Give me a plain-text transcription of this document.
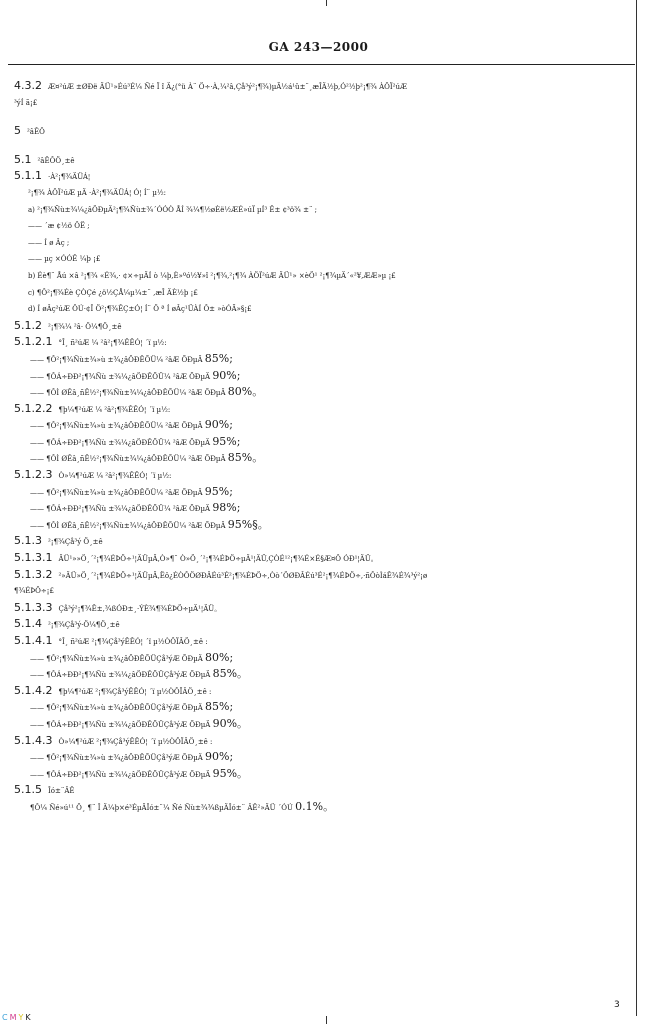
GA 243—2000
4.3.2 Æ¤²úÆ ±ØÐë ÄÜ¹»Éú³É¼ Ñé Ï î Ä¿(°ü À¨ Ö÷·À,¼²â,Çå³ý²¡¶¾)µÃ½á¹û±¨¸æÎÄ½þ,Ó²½þ²¡¶¾ ÀÖÏ²úÆ
³ýÍ ã¡£
5 ²âÊÔ
5.1 ²âÊÔÖ¸±ê
5.1.1 ·À²¡¶¾ÄÜÁ¦
²¡¶¾ ÀÖÏ²úÆ µÄ ·À²¡¶¾ÄÜÁ¦ Ó¦ Í¨ µ½:
a) ²¡¶¾Ñù±¾¼¿âÖÐµÄ²¡¶¾Ñù±¾´ÓÓÒ ÅÍ ¾¼¶½øÈë½ÆÉ»úÏ µÍ³ Ê± ¢³ö¾ ±¨ ;
—— ´æ ¢½ö ÔË ;
—— Í ø Âç ;
—— µç ×ÓÓÊ ¼þ ¡£
b) Éè¶¨ Åú ×â ²¡¶¾ «É¾,· ¢×÷µÄÍ ò ¼þ,È»ºó½¥»î ²¡¶¾,²¡¶¾ ÀÖÏ²úÆ ÄÜ¹» ×èÖ¹ ²¡¶¾µÄ´«²¥,ÆÆ»µ ¡£
c) ¶Ô²¡¶¾Éè ÇÒÇé ¿ö½ÇÅ¼µ¼±¨ ,æÎ ÄÈ½þ ¡£
d) Í øÂç²úÆ ÔÚ·¢Î Ö²¡¶¾ÊÇ±Ó¦ Í¨ Ö ª Í øÂç¹ÜÀÍ Ô± »òÓÃ»§¡£
5.1.2 ²¡¶¾¼ ²â· Ö¼¶Ö¸±ê
5.1.2.1 °Î¸ ñ²úÆ ¼ ²â²¡¶¾ÊÊÓ¦ ´ï µ½:
—— ¶Ô²¡¶¾Ñù±¾»ù ±¾¿âÖÐÊÕÜ¼ ²âÆ ÕÐµÄ 85%;
—— ¶ÔÁ÷ÐÐ²¡¶¾Ñù ±¾¼¿âÖÐÊÕÜ¼ ²âÆ ÕÐµÄ 90%;
—— ¶ÔÌ ØÊâ¸ñÊ½²¡¶¾Ñù±¾¼¿âÖÐÊÕÜ¼ ²âÆ ÕÐµÄ 80%。
5.1.2.2 ¶þ¼¶²úÆ ¼ ²â²¡¶¾ÊÊÓ¦ ´ï µ½:
—— ¶Ô²¡¶¾Ñù±¾»ù ±¾¿âÖÐÊÕÜ¼ ²âÆ ÕÐµÄ 90%;
—— ¶ÔÁ÷ÐÐ²¡¶¾Ñù ±¾¼¿âÖÐÊÕÜ¼ ²âÆ ÕÐµÄ 95%;
—— ¶ÔÌ ØÊâ¸ñÊ½²¡¶¾Ñù±¾¼¿âÖÐÊÕÜ¼ ²âÆ ÕÐµÄ 85%。
5.1.2.3 Ò»¼¶²úÆ ¼ ²â²¡¶¾ÊÊÓ¦ ´ï µ½:
—— ¶Ô²¡¶¾Ñù±¾»ù ±¾¿âÖÐÊÕÜ¼ ²âÆ ÕÐµÄ 95%;
—— ¶ÔÁ÷ÐÐ²¡¶¾Ñù ±¾¼¿âÖÐÊÕÜ¼ ²âÆ ÕÐµÄ 98%;
—— ¶ÔÌ ØÊâ¸ñÊ½²¡¶¾Ñù±¾¼¿âÖÐÊÕÜ¼ ²âÆ ÕÐµÄ 95%§。
5.1.3 ²¡¶¾Çå³ý Ö¸±ê
5.1.3.1 ÄÜ¹»»Ö¸´²¡¶¾ÉÞÖ÷¹¦ÄÜµÄ,Ò»¶¨ Ò»Ö¸´²¡¶¾ÉÞÖ÷µÄ¹¦ÄÜ,ÇÒÉ¹²¡¶¾É×É§Æ¤Ô ÓÐ¹¦ÄÜ。
5.1.3.2 ²»ÄÜ»Ö¸´²¡¶¾ÉÞÖ÷¹¦ÄÜµÄ,Ëô¿ÉÒÔÖØÐÂÉú³É²¡¶¾ÉÞÖ÷,Òò´ÖØÐÂÉú³É²¡¶¾ÉÞÖ÷,·ñÔòÌáÊ¾É¾³ý²¡ø
¶¾ÉÞÖ÷¡£
5.1.3.3 Çå³ý²¡¶¾Ê±,¾ßÓÐ±¸·ÝÈ¾¶¾ÉÞÖ÷µÄ¹¦ÄÜ。
5.1.4 ²¡¶¾Çå³ý·Ö¼¶Ö¸±ê
5.1.4.1 °Î¸ ñ²úÆ ²¡¶¾Çå³ýÊÊÓ¦ ´ï µ½ÒÔÏÂÖ¸±ê :
—— ¶Ô²¡¶¾Ñù±¾»ù ±¾¿âÖÐÊÕÜÇå³ýÆ ÕÐµÄ 80%;
—— ¶ÔÁ÷ÐÐ²¡¶¾Ñù ±¾¼¿âÖÐÊÕÜÇå³ýÆ ÕÐµÄ 85%。
5.1.4.2 ¶þ¼¶²úÆ ²¡¶¾Çå³ýÊÊÓ¦ ´ï µ½ÒÔÏÂÖ¸±ê :
—— ¶Ô²¡¶¾Ñù±¾»ù ±¾¿âÖÐÊÕÜÇå³ýÆ ÕÐµÄ 85%;
—— ¶ÔÁ÷ÐÐ²¡¶¾Ñù ±¾¼¿âÖÐÊÕÜÇå³ýÆ ÕÐµÄ 90%。
5.1.4.3 Ò»¼¶²úÆ ²¡¶¾Çå³ýÊÊÓ¦ ´ï µ½ÒÔÏÂÖ¸±ê :
—— ¶Ô²¡¶¾Ñù±¾»ù ±¾¿âÖÐÊÕÜÇå³ýÆ ÕÐµÄ 90%;
—— ¶ÔÁ÷ÐÐ²¡¶¾Ñù ±¾¼¿âÖÐÊÕÜÇå³ýÆ ÕÐµÄ 95%。
5.1.5 Îó±¨ÂÊ
¶Ô¼ Ñé»ú¹¹ Ö¸ ¶¨ Î Ä¼þ×é³ÉµÄÎó±¨¼ Ñé Ñù±¾¾ßµÄÎó±¨ ÂÊ²»ÄÜ ´ÓÚ 0.1%。
3
CMYK
